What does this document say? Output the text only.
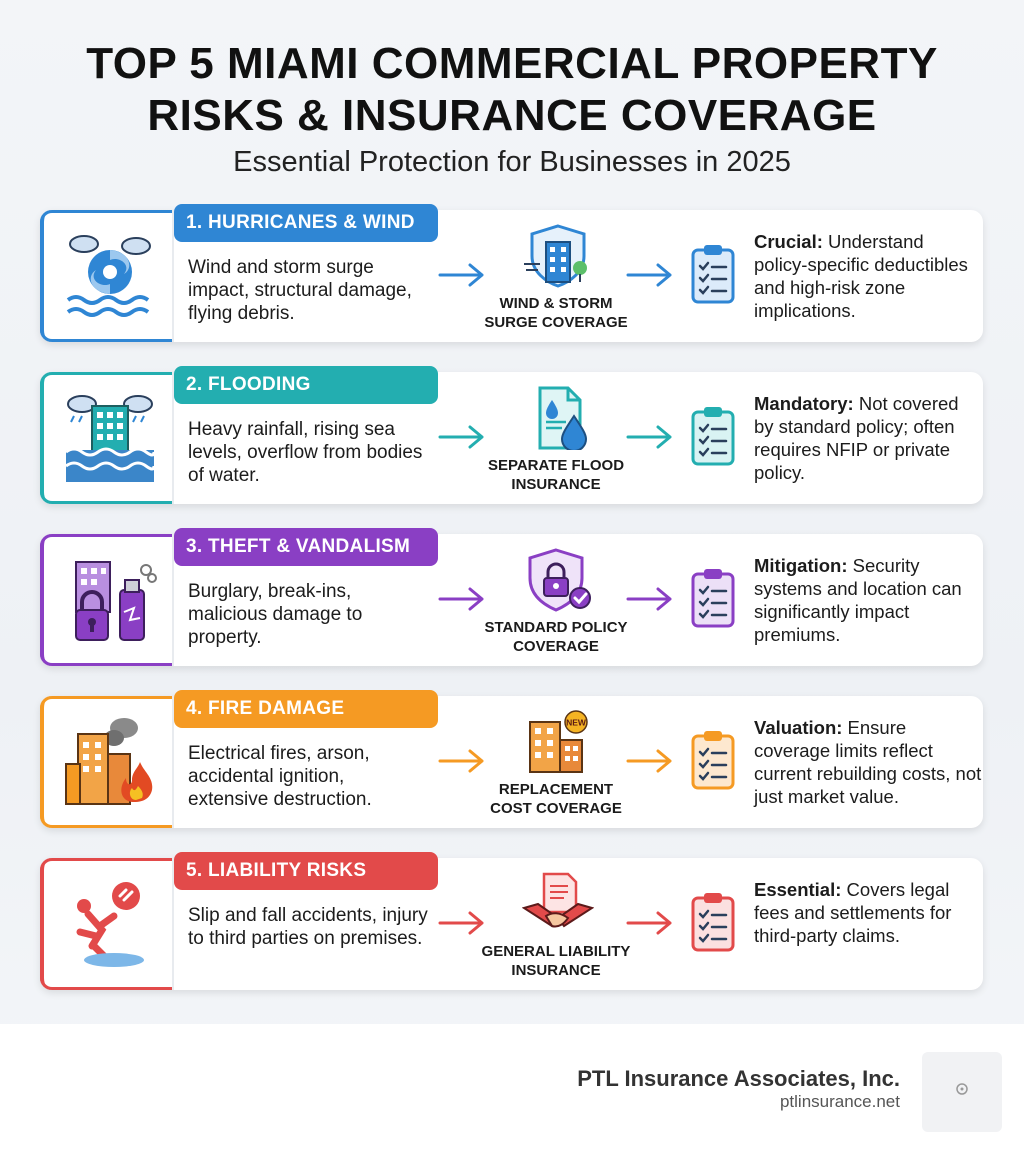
TOP 5 MIAMI COMMERCIAL PROPERTY
RISKS & INSURANCE COVERAGE
Essential Protection for Businesses in 2025
1. HURRICANES & WIND
Wind and storm surge impact, structural damage, flying debris.	WIND & STORM
SURGE COVERAGE
Crucial: Understand policy-specific deductibles and high-risk zone implications.
2. FLOODING
Heavy rainfall, rising sea levels, overflow from bodies of water.	SEPARATE FLOOD
INSURANCE
Mandatory: Not covered by standard policy; often requires NFIP or private policy.
3. THEFT & VANDALISM
Burglary, break-ins, malicious damage to property.	STANDARD POLICY
COVERAGE
Mitigation: Security systems and location can significantly impact premiums.
4. FIRE DAMAGE
Electrical fires, arson, accidental ignition, extensive destruction.
NEW
REPLACEMENT
COST COVERAGE
Valuation: Ensure coverage limits reflect current rebuilding costs, not just market value.
5. LIABILITY RISKS
Slip and fall accidents, injury to third parties on premises.
GENERAL LIABILITY
INSURANCE
Essential: Covers legal fees and settlements for third-party claims.
PTL Insurance Associates, Inc.
ptlinsurance.net
